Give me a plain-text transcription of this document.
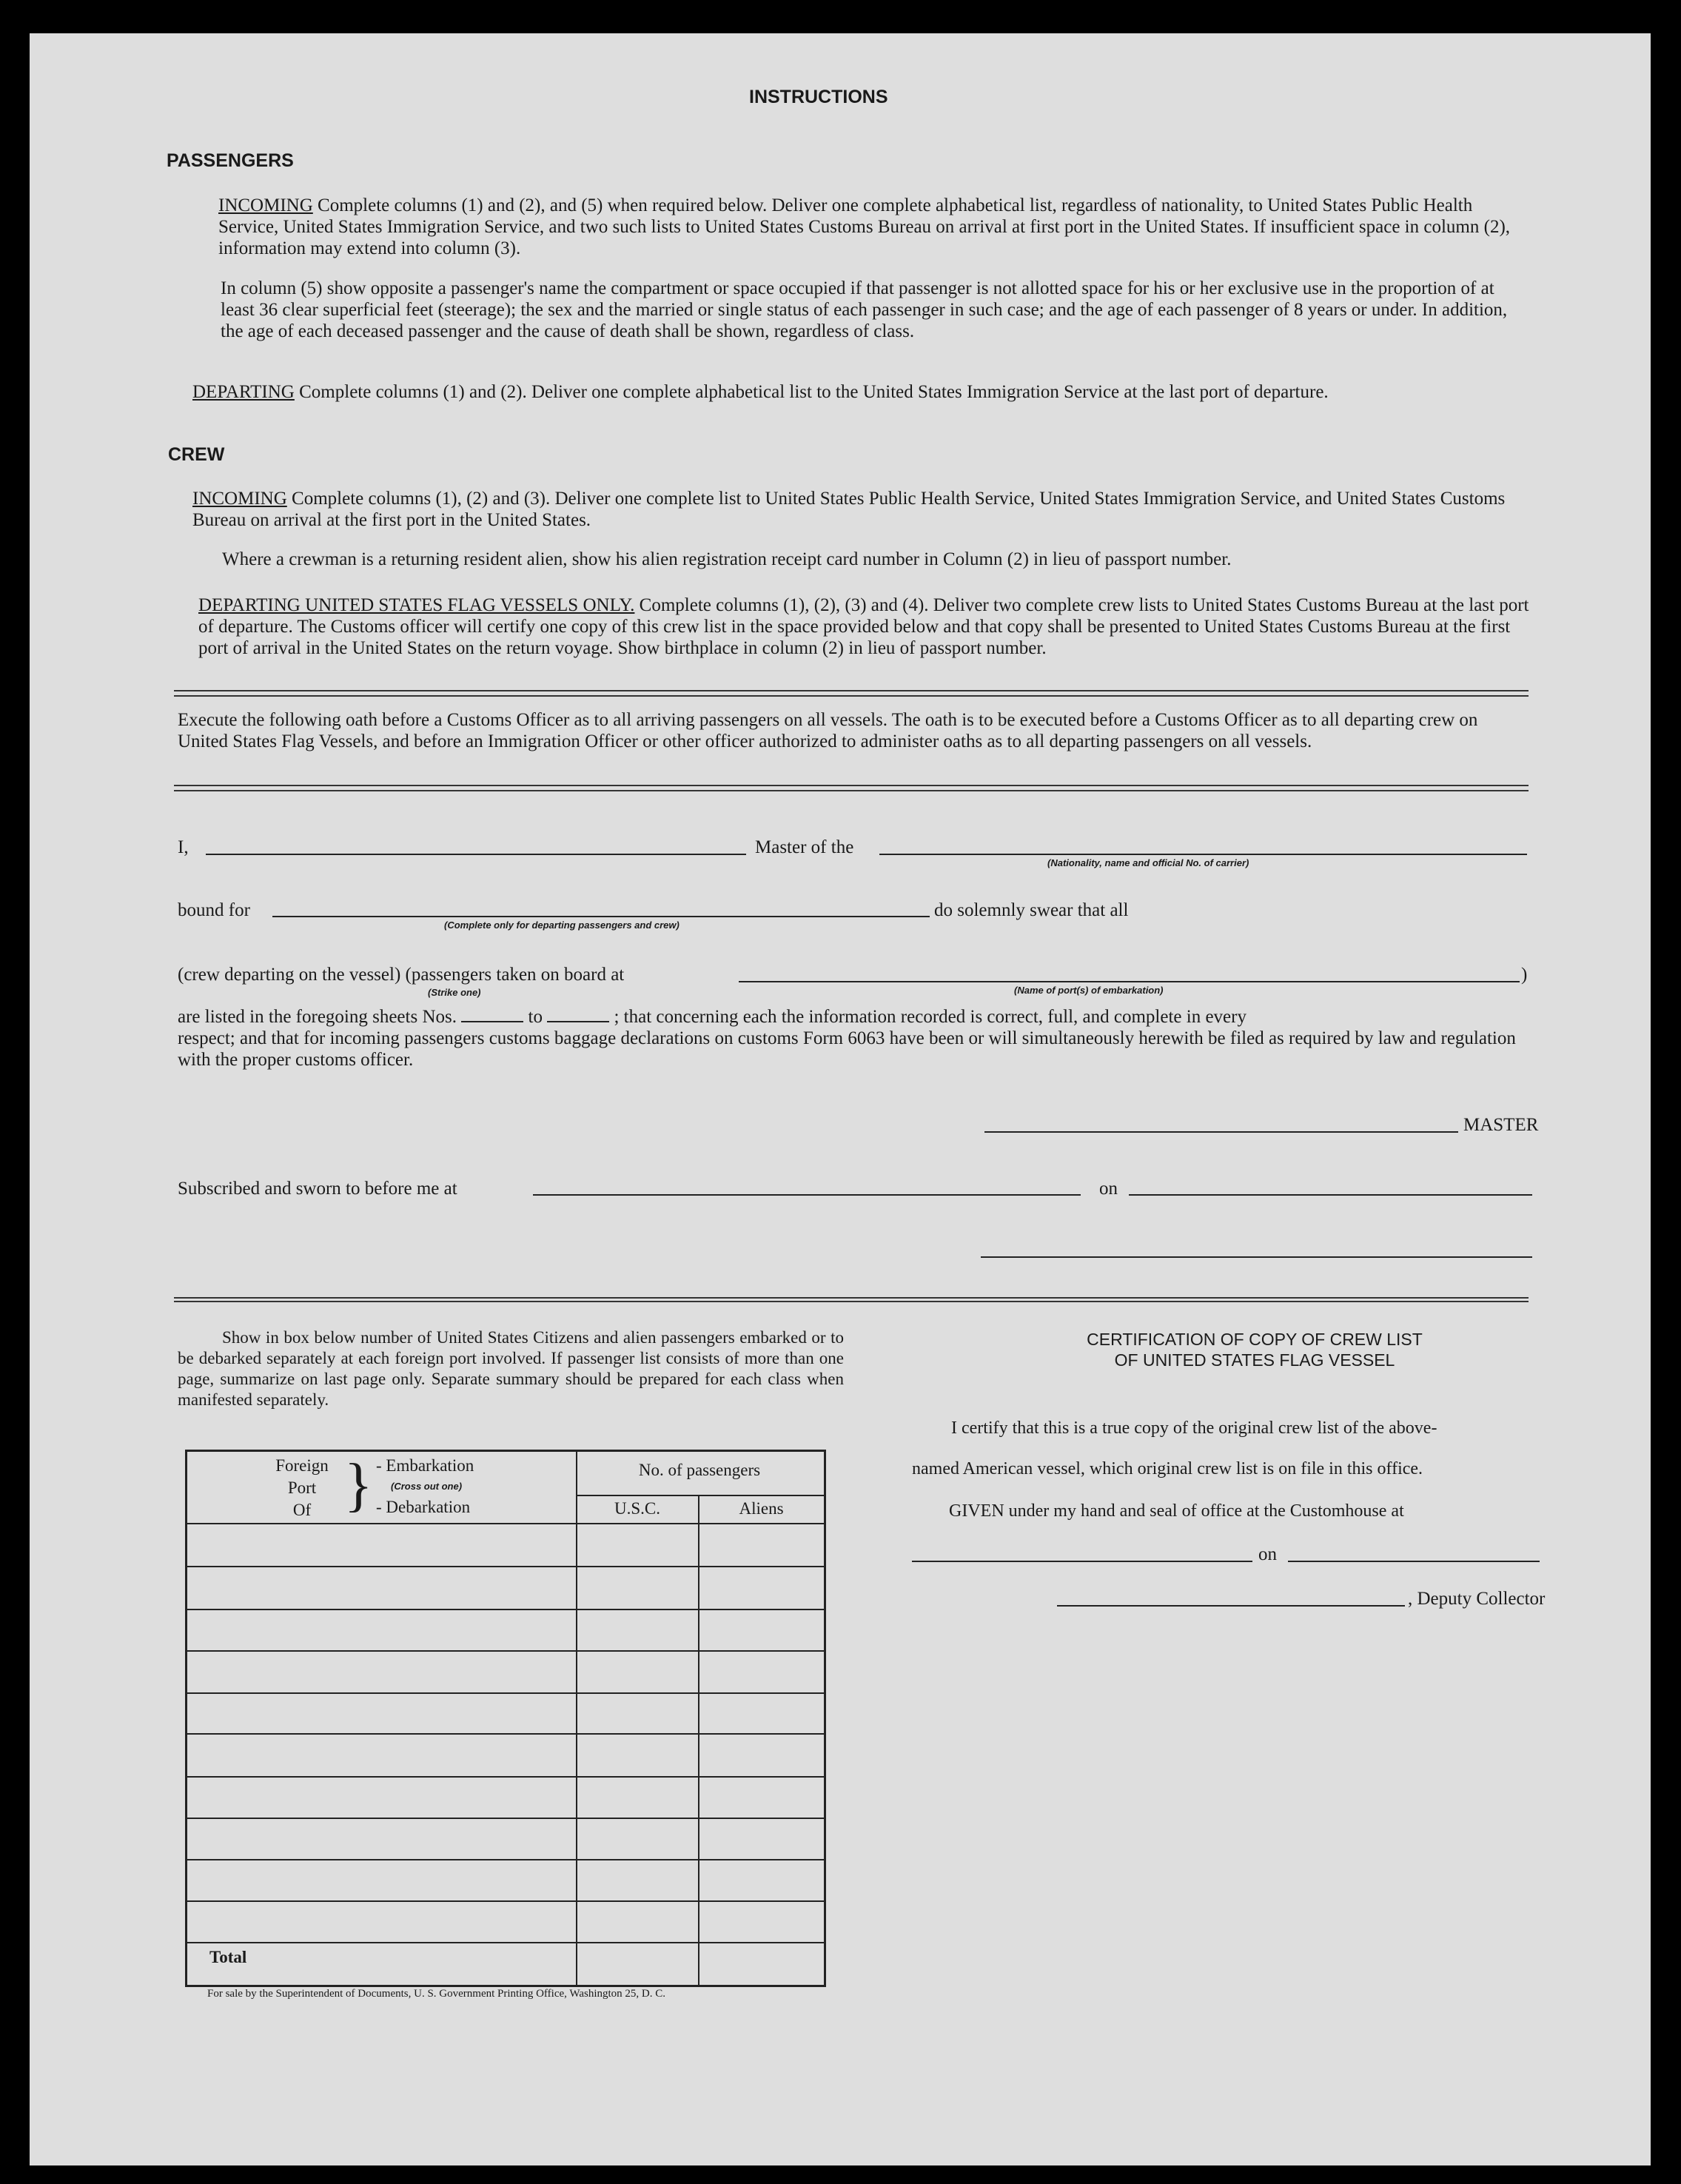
INSTRUCTIONS
PASSENGERS
INCOMING Complete columns (1) and (2), and (5) when required below. Deliver one complete alphabetical list, regardless of nationality, to United States Public Health Service, United States Immigration Service, and two such lists to United States Customs Bureau on arrival at first port in the United States. If insufficient space in column (2), information may extend into column (3).
In column (5) show opposite a passenger's name the compartment or space occupied if that passenger is not allotted space for his or her exclusive use in the proportion of at least 36 clear superficial feet (steerage); the sex and the married or single status of each passenger in such case; and the age of each passenger of 8 years or under. In addition, the age of each deceased passenger and the cause of death shall be shown, regardless of class.
DEPARTING Complete columns (1) and (2). Deliver one complete alphabetical list to the United States Immigration Service at the last port of departure.
CREW
INCOMING Complete columns (1), (2) and (3). Deliver one complete list to United States Public Health Service, United States Immigration Service, and United States Customs Bureau on arrival at the first port in the United States.
Where a crewman is a returning resident alien, show his alien registration receipt card number in Column (2) in lieu of passport number.
DEPARTING UNITED STATES FLAG VESSELS ONLY. Complete columns (1), (2), (3) and (4). Deliver two complete crew lists to United States Customs Bureau at the last port of departure. The Customs officer will certify one copy of this crew list in the space provided below and that copy shall be presented to United States Customs Bureau at the first port of arrival in the United States on the return voyage. Show birthplace in column (2) in lieu of passport number.
Execute the following oath before a Customs Officer as to all arriving passengers on all vessels. The oath is to be executed before a Customs Officer as to all departing crew on United States Flag Vessels, and before an Immigration Officer or other officer authorized to administer oaths as to all departing passengers on all vessels.
I,	Master of the
(Nationality, name and official No. of carrier)
bound for
(Complete only for departing passengers and crew)
do solemnly swear that all
(crew departing on the vessel) (passengers taken on board at
(Strike one)
)
(Name of port(s) of embarkation)
are listed in the foregoing sheets Nos.	to	; that concerning each the information recorded is correct, full, and complete in every
respect; and that for incoming passengers customs baggage declarations on customs Form 6063 have been or will simultaneously herewith be filed as required by law and regulation with the proper customs officer.
MASTER
Subscribed and sworn to before me at	on
Show in box below number of United States Citizens and alien passengers embarked or to be debarked separately at each foreign port involved. If passenger list consists of more than one page, summarize on last page only. Separate summary should be prepared for each class when manifested separately.
Foreign
Port
Of } - Embarkation
(Cross out one)
- Debarkation
No. of passengers
U.S.C.	Aliens
Total
CERTIFICATION OF COPY OF CREW LIST
OF UNITED STATES FLAG VESSEL
I certify that this is a true copy of the original crew list of the above-
named American vessel, which original crew list is on file in this office.
GIVEN under my hand and seal of office at the Customhouse at
on
, Deputy Collector
For sale by the Superintendent of Documents, U. S. Government Printing Office, Washington 25, D. C.
